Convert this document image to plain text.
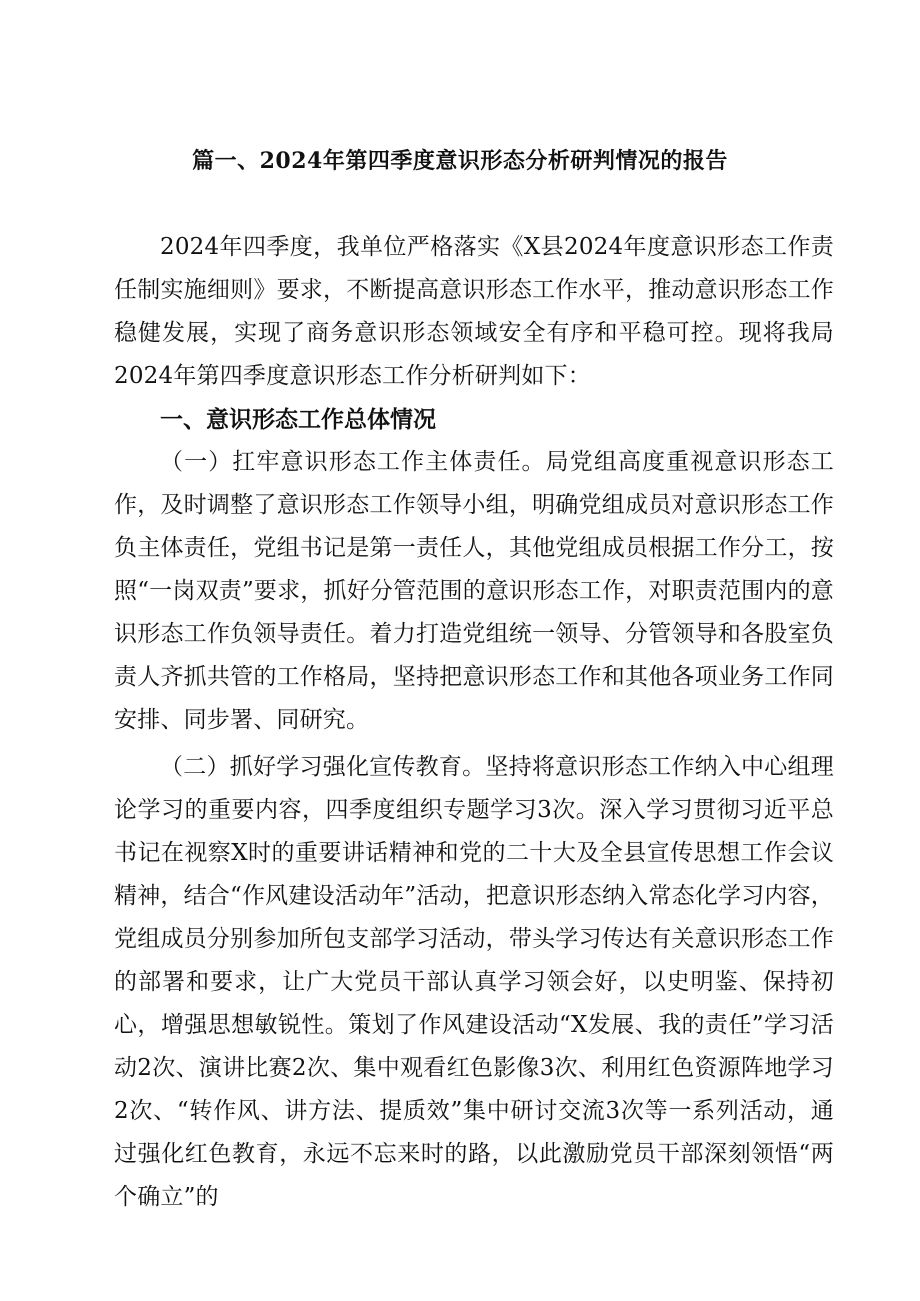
篇一、2024年第四季度意识形态分析研判情况的报告

2024年四季度，我单位严格落实《X县2024年度意识形态工作责任制实施细则》要求，不断提高意识形态工作水平，推动意识形态工作稳健发展，实现了商务意识形态领域安全有序和平稳可控。现将我局2024年第四季度意识形态工作分析研判如下：

一、意识形态工作总体情况

（一）扛牢意识形态工作主体责任。局党组高度重视意识形态工作，及时调整了意识形态工作领导小组，明确党组成员对意识形态工作负主体责任，党组书记是第一责任人，其他党组成员根据工作分工，按照“一岗双责”要求，抓好分管范围的意识形态工作，对职责范围内的意识形态工作负领导责任。着力打造党组统一领导、分管领导和各股室负责人齐抓共管的工作格局，坚持把意识形态工作和其他各项业务工作同安排、同步署、同研究。

（二）抓好学习强化宣传教育。坚持将意识形态工作纳入中心组理论学习的重要内容，四季度组织专题学习3次。深入学习贯彻习近平总书记在视察X时的重要讲话精神和党的二十大及全县宣传思想工作会议精神，结合“作风建设活动年”活动，把意识形态纳入常态化学习内容，党组成员分别参加所包支部学习活动，带头学习传达有关意识形态工作的部署和要求，让广大党员干部认真学习领会好，以史明鉴、保持初心，增强思想敏锐性。策划了作风建设活动“X发展、我的责任”学习活动2次、演讲比赛2次、集中观看红色影像3次、利用红色资源阵地学习2次、“转作风、讲方法、提质效”集中研讨交流3次等一系列活动，通过强化红色教育，永远不忘来时的路，以此激励党员干部深刻领悟“两个确立”的
